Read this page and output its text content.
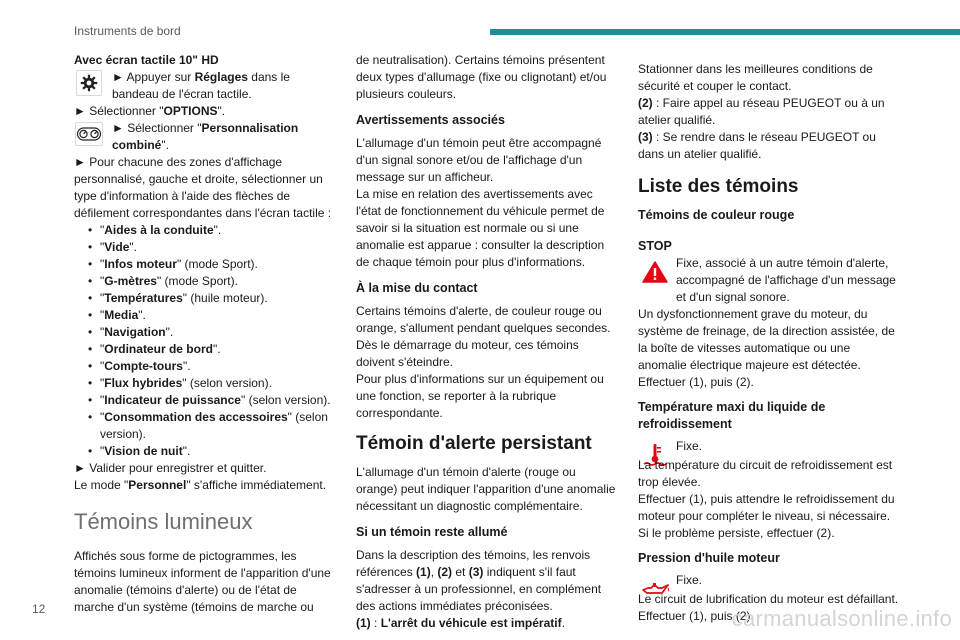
Instruments de bord

Avec écran tactile 10" HD

► Appuyer sur Réglages dans le bandeau de l'écran tactile.

► Sélectionner "OPTIONS".

► Sélectionner "Personnalisation combiné".

► Pour chacune des zones d'affichage personnalisé, gauche et droite, sélectionner un type d'information à l'aide des flèches de défilement correspondantes dans l'écran tactile :

• "Aides à la conduite".
• "Vide".
• "Infos moteur" (mode Sport).
• "G-mètres" (mode Sport).
• "Températures" (huile moteur).
• "Media".
• "Navigation".
• "Ordinateur de bord".
• "Compte-tours".
• "Flux hybrides" (selon version).
• "Indicateur de puissance" (selon version).
• "Consommation des accessoires" (selon version).
• "Vision de nuit".

► Valider pour enregistrer et quitter.

Le mode "Personnel" s'affiche immédiatement.

Témoins lumineux

Affichés sous forme de pictogrammes, les témoins lumineux informent de l'apparition d'une anomalie (témoins d'alerte) ou de l'état de marche d'un système (témoins de marche ou

de neutralisation). Certains témoins présentent deux types d'allumage (fixe ou clignotant) et/ou plusieurs couleurs.

Avertissements associés

L'allumage d'un témoin peut être accompagné d'un signal sonore et/ou de l'affichage d'un message sur un afficheur.

La mise en relation des avertissements avec l'état de fonctionnement du véhicule permet de savoir si la situation est normale ou si une anomalie est apparue : consulter la description de chaque témoin pour plus d'informations.

À la mise du contact

Certains témoins d'alerte, de couleur rouge ou orange, s'allument pendant quelques secondes. Dès le démarrage du moteur, ces témoins doivent s'éteindre.

Pour plus d'informations sur un équipement ou une fonction, se reporter à la rubrique correspondante.

Témoin d'alerte persistant

L'allumage d'un témoin d'alerte (rouge ou orange) peut indiquer l'apparition d'une anomalie nécessitant un diagnostic complémentaire.

Si un témoin reste allumé

Dans la description des témoins, les renvois références (1), (2) et (3) indiquent s'il faut s'adresser à un professionnel, en complément des actions immédiates préconisées.

(1) : L'arrêt du véhicule est impératif.

Stationner dans les meilleures conditions de sécurité et couper le contact.

(2) : Faire appel au réseau PEUGEOT ou à un atelier qualifié.

(3) : Se rendre dans le réseau PEUGEOT ou dans un atelier qualifié.

Liste des témoins
Témoins de couleur rouge
STOP

Fixe, associé à un autre témoin d'alerte, accompagné de l'affichage d'un message et d'un signal sonore.

Un dysfonctionnement grave du moteur, du système de freinage, de la direction assistée, de la boîte de vitesses automatique ou une anomalie électrique majeure est détectée.

Effectuer (1), puis (2).

Température maxi du liquide de refroidissement

Fixe.

La température du circuit de refroidissement est trop élevée.

Effectuer (1), puis attendre le refroidissement du moteur pour compléter le niveau, si nécessaire.

Si le problème persiste, effectuer (2).

Pression d'huile moteur

Fixe.

Le circuit de lubrification du moteur est défaillant.

Effectuer (1), puis (2).

12	carmanualsonline.info
